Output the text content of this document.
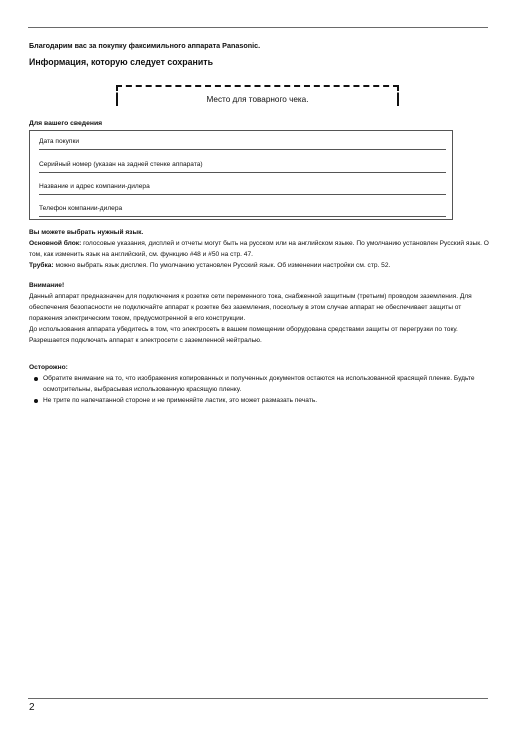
Благодарим вас за покупку факсимильного аппарата Panasonic.
Информация, которую следует сохранить
Место для товарного чека.
Для вашего сведения
Дата покупки
Серийный номер (указан на задней стенке аппарата)
Название и адрес компании-дилера
Телефон компании-дилера

Вы можете выбрать нужный язык.

Основной блок: голосовые указания, дисплей и отчеты могут быть на русском или на английском языке. По умолчанию установлен Русский язык. О том, как изменить язык на английский, см. функцию #48 и #50 на стр. 47.

Трубка: можно выбрать язык дисплея. По умолчанию установлен Русский язык. Об изменении настройки см. стр. 52.

Внимание!

Данный аппарат предназначен для подключения к розетке сети переменного тока, снабженной защитным (третьим) проводом заземления. Для обеспечения безопасности не подключайте аппарат к розетке без заземления, поскольку в этом случае аппарат не обеспечивает защиты от поражения электрическим током, предусмотренной в его конструкции.

До использования аппарата убедитесь в том, что электросеть в вашем помещении оборудована средствами защиты от перегрузки по току.

Разрешается подключать аппарат к электросети с заземленной нейтралью.

Осторожно:

Обратите внимание на то, что изображения копированных и полученных документов остаются на использованной красящей пленке. Будьте осмотрительны, выбрасывая использованную красящую пленку.
Не трите по напечатанной стороне и не применяйте ластик, это может размазать печать.
2
